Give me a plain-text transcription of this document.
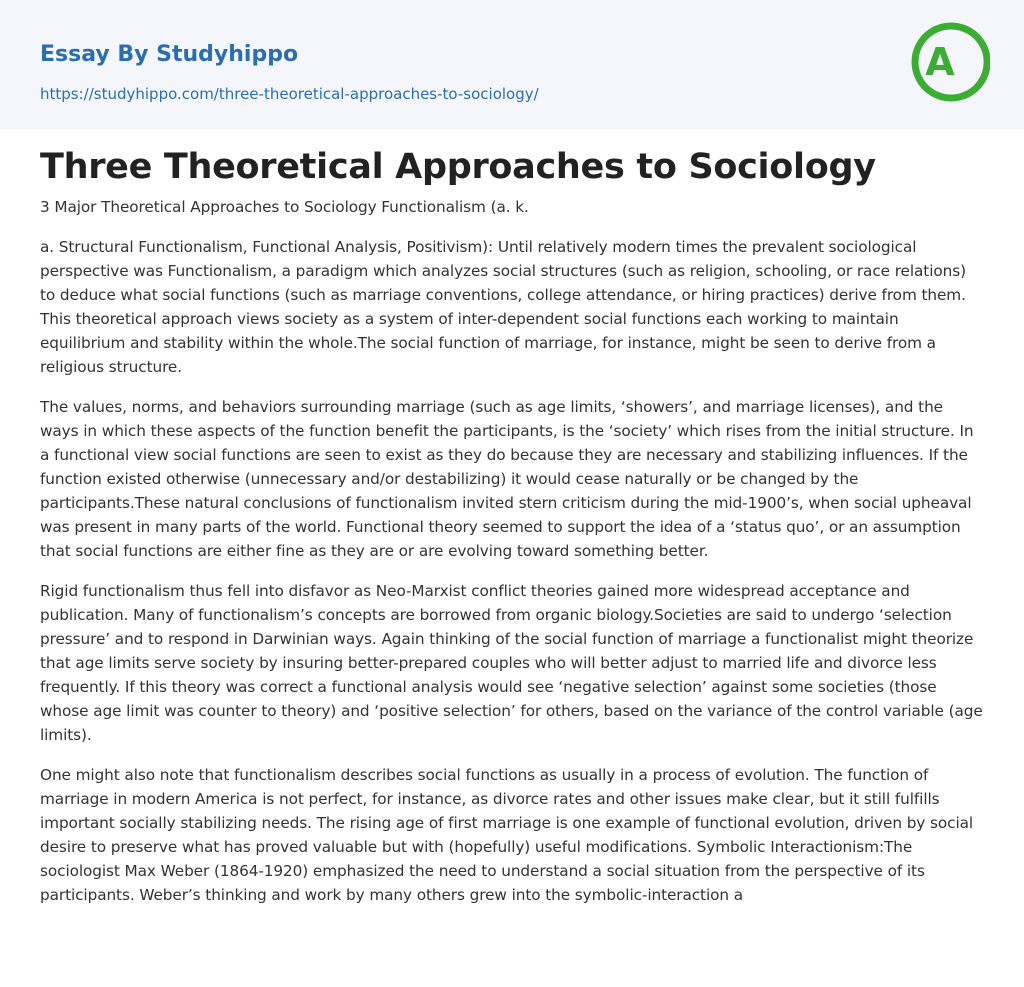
Essay By Studyhippo
https://studyhippo.com/three-theoretical-approaches-to-sociology/
A
Three Theoretical Approaches to Sociology

3 Major Theoretical Approaches to Sociology Functionalism (a. k.

a. Structural Functionalism, Functional Analysis, Positivism): Until relatively modern times the prevalent sociological perspective was Functionalism, a paradigm which analyzes social structures (such as religion, schooling, or race relations) to deduce what social functions (such as marriage conventions, college attendance, or hiring practices) derive from them. This theoretical approach views society as a system of inter-dependent social functions each working to maintain equilibrium and stability within the whole.The social function of marriage, for instance, might be seen to derive from a religious structure.

The values, norms, and behaviors surrounding marriage (such as age limits, ‘showers’, and marriage licenses), and the ways in which these aspects of the function benefit the participants, is the ‘society’ which rises from the initial structure. In a functional view social functions are seen to exist as they do because they are necessary and stabilizing influences. If the function existed otherwise (unnecessary and/or destabilizing) it would cease naturally or be changed by the participants.These natural conclusions of functionalism invited stern criticism during the mid-1900’s, when social upheaval was present in many parts of the world. Functional theory seemed to support the idea of a ‘status quo’, or an assumption that social functions are either fine as they are or are evolving toward something better.

Rigid functionalism thus fell into disfavor as Neo-Marxist conflict theories gained more widespread acceptance and publication. Many of functionalism’s concepts are borrowed from organic biology.Societies are said to undergo ‘selection pressure’ and to respond in Darwinian ways. Again thinking of the social function of marriage a functionalist might theorize that age limits serve society by insuring better-prepared couples who will better adjust to married life and divorce less frequently. If this theory was correct a functional analysis would see ‘negative selection’ against some societies (those whose age limit was counter to theory) and ‘positive selection’ for others, based on the variance of the control variable (age limits).

One might also note that functionalism describes social functions as usually in a process of evolution. The function of marriage in modern America is not perfect, for instance, as divorce rates and other issues make clear, but it still fulfills important socially stabilizing needs. The rising age of first marriage is one example of functional evolution, driven by social desire to preserve what has proved valuable but with (hopefully) useful modifications. Symbolic Interactionism:The sociologist Max Weber (1864-1920) emphasized the need to understand a social situation from the perspective of its participants. Weber’s thinking and work by many others grew into the symbolic-interaction a
